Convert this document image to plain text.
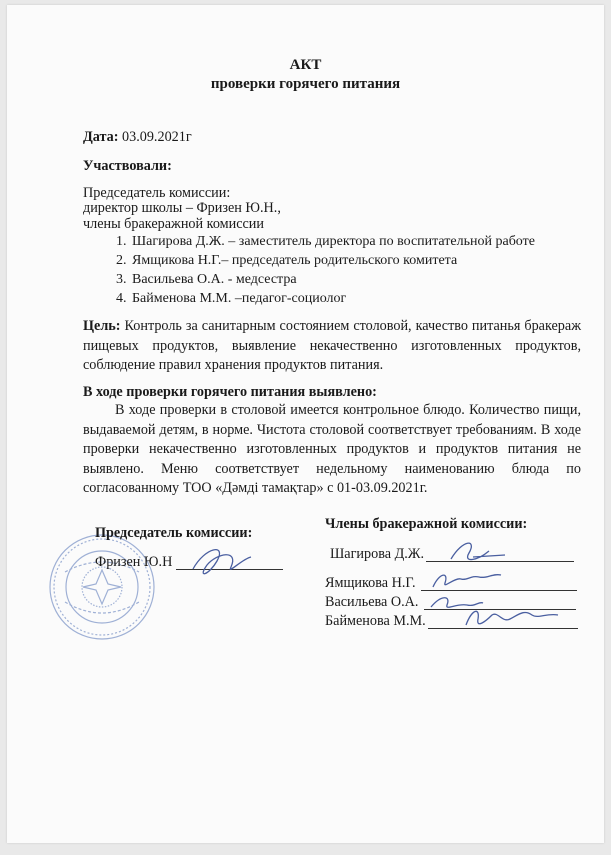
АКТ
проверки горячего питания
Дата: 03.09.2021г
Участвовали:
Председатель комиссии:
директор школы – Фризен Ю.Н.,
члены бракеражной комиссии
1. Шагирова Д.Ж. – заместитель директора по воспитательной работе
2. Ямщикова Н.Г.– председатель родительского комитета
3. Васильева О.А. - медсестра
4. Байменова М.М. –педагог-социолог
Цель: Контроль за санитарным состоянием столовой, качество питанья бракераж пищевых продуктов, выявление некачественно изготовленных продуктов, соблюдение правил хранения продуктов питания.
В ходе проверки горячего питания выявлено:
В ходе проверки в столовой имеется контрольное блюдо. Количество пищи, выдаваемой детям, в норме. Чистота столовой соответствует требованиям. В ходе проверки некачественно изготовленных продуктов и продуктов питания не выявлено. Меню соответствует недельному наименованию блюда по согласованному ТОО «Дәмді тамақтар» с 01-03.09.2021г.
Председатель комиссии:
Фризен Ю.Н
Члены бракеражной комиссии:
Шагирова Д.Ж.
Ямщикова Н.Г.
Васильева О.А.
Байменова М.М.
